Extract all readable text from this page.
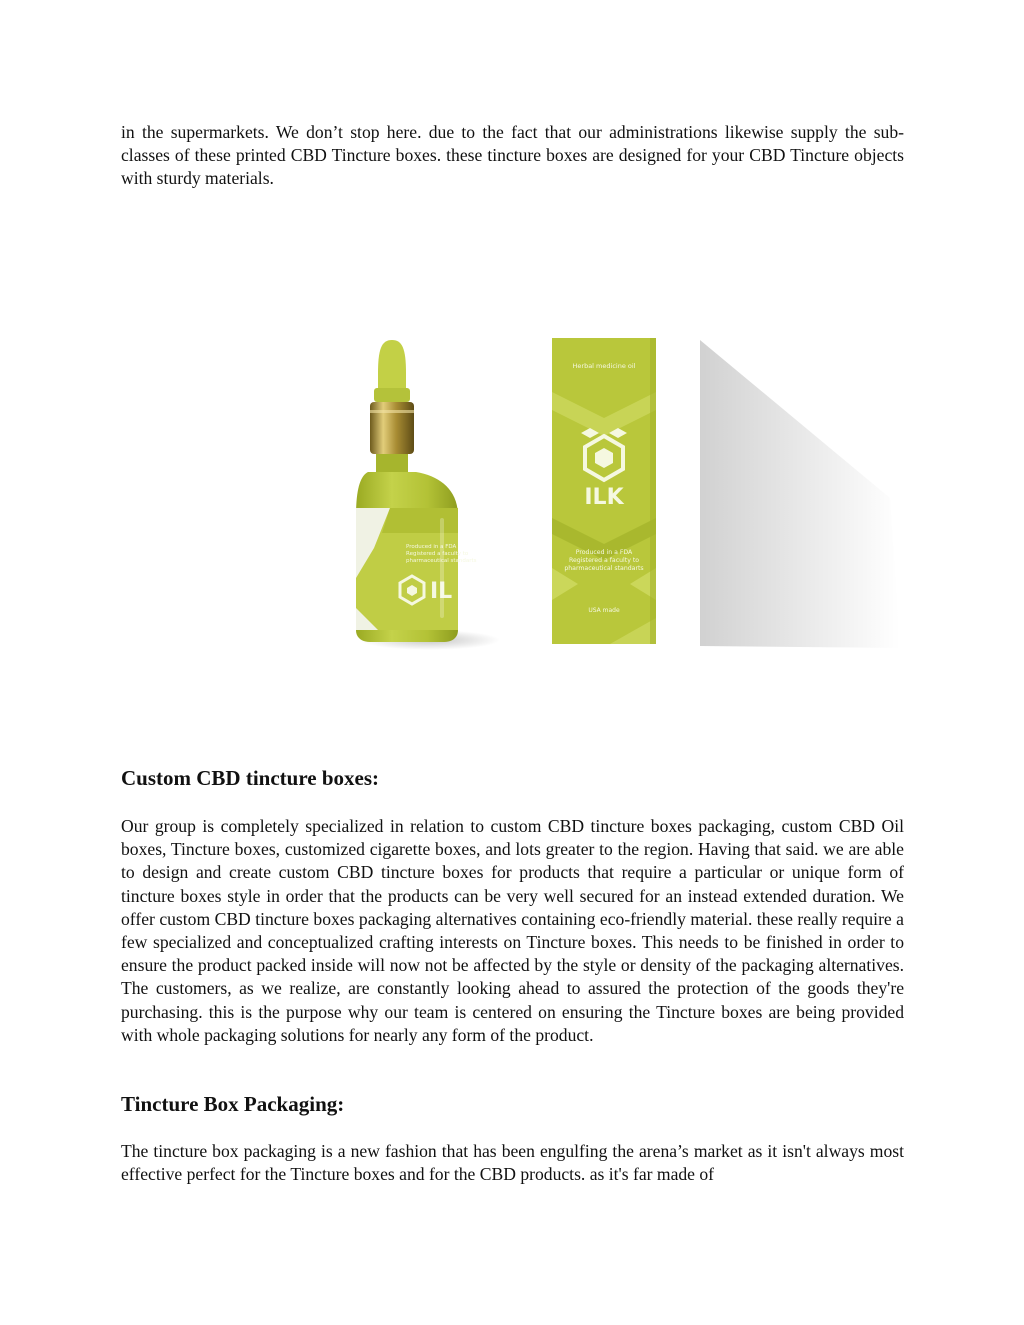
in the supermarkets. We don’t stop here. due to the fact that our administrations likewise supply the sub-classes of these printed CBD Tincture boxes. these tincture boxes are designed for your CBD Tincture objects with sturdy materials.

Produced in a FDA
Registered a faculty to
pharmaceutical standarts
IL
Herbal medicine oil
ILK
Produced in a FDA
Registered a faculty to
pharmaceutical standarts
USA made
Custom CBD tincture boxes:

Our group is completely specialized in relation to custom CBD tincture boxes packaging, custom CBD Oil boxes, Tincture boxes, customized cigarette boxes, and lots greater to the region. Having that said. we are able to design and create custom CBD tincture boxes for products that require a particular or unique form of tincture boxes style in order that the products can be very well secured for an instead extended duration. We offer custom CBD tincture boxes packaging alternatives containing eco-friendly material. these really require a few specialized and conceptualized crafting interests on Tincture boxes. This needs to be finished in order to ensure the product packed inside will now not be affected by the style or density of the packaging alternatives. The customers, as we realize, are constantly looking ahead to assured the protection of the goods they're purchasing. this is the purpose why our team is centered on ensuring the Tincture boxes are being provided with whole packaging solutions for nearly any form of the product.

Tincture Box Packaging:

The tincture box packaging is a new fashion that has been engulfing the arena’s market as it isn't always most effective perfect for the Tincture boxes and for the CBD products. as it's far made of
